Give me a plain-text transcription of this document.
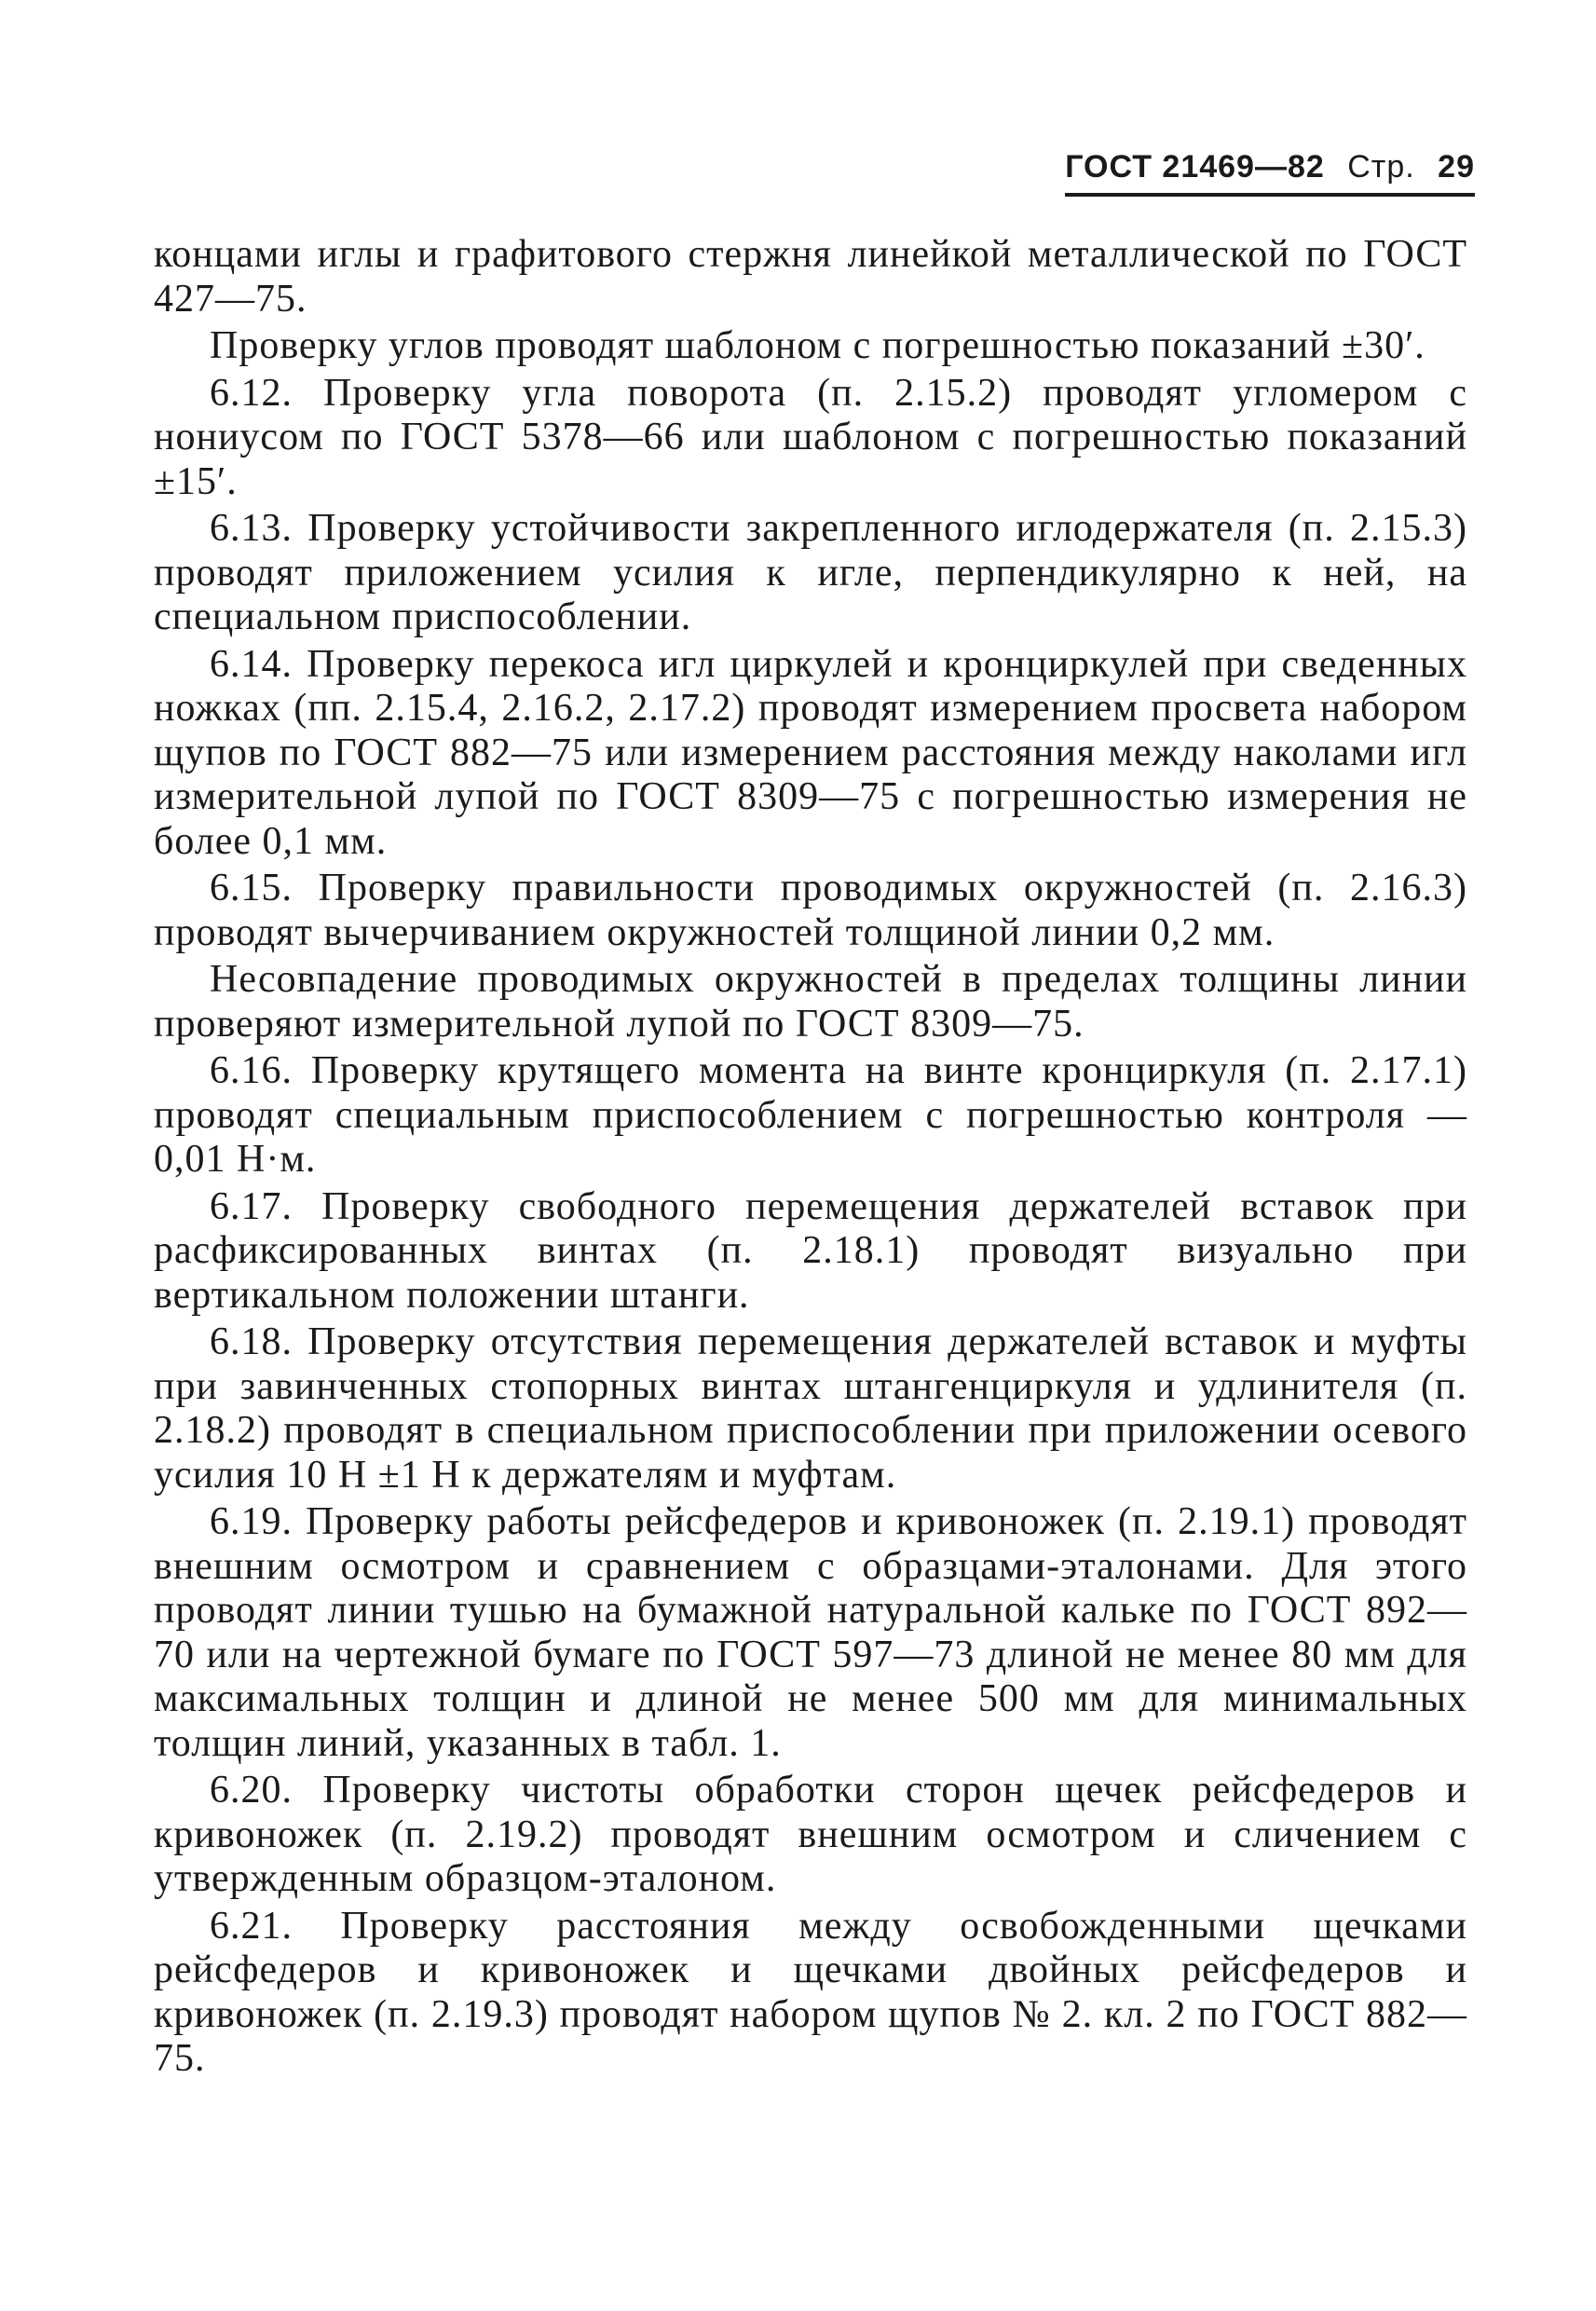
ГОСТ 21469—82 Стр. 29

концами иглы и графитового стержня линейкой металлической по ГОСТ 427—75.

Проверку углов проводят шаблоном с погрешностью показаний ±30′.

6.12. Проверку угла поворота (п. 2.15.2) проводят угломером с нониусом по ГОСТ 5378—66 или шаблоном с погрешностью показаний ±15′.

6.13. Проверку устойчивости закрепленного иглодержателя (п. 2.15.3) проводят приложением усилия к игле, перпендикулярно к ней, на специальном приспособлении.

6.14. Проверку перекоса игл циркулей и кронциркулей при сведенных ножках (пп. 2.15.4, 2.16.2, 2.17.2) проводят измерением просвета набором щупов по ГОСТ 882—75 или измерением расстояния между наколами игл измерительной лупой по ГОСТ 8309—75 с погрешностью измерения не более 0,1 мм.

6.15. Проверку правильности проводимых окружностей (п. 2.16.3) проводят вычерчиванием окружностей толщиной линии 0,2 мм.

Несовпадение проводимых окружностей в пределах толщины линии проверяют измерительной лупой по ГОСТ 8309—75.

6.16. Проверку крутящего момента на винте кронциркуля (п. 2.17.1) проводят специальным приспособлением с погрешностью контроля — 0,01 Н·м.

6.17. Проверку свободного перемещения держателей вставок при расфиксированных винтах (п. 2.18.1) проводят визуально при вертикальном положении штанги.

6.18. Проверку отсутствия перемещения держателей вставок и муфты при завинченных стопорных винтах штангенциркуля и удлинителя (п. 2.18.2) проводят в специальном приспособлении при приложении осевого усилия 10 Н ±1 Н к держателям и муфтам.

6.19. Проверку работы рейсфедеров и кривоножек (п. 2.19.1) проводят внешним осмотром и сравнением с образцами-эталонами. Для этого проводят линии тушью на бумажной натуральной кальке по ГОСТ 892—70 или на чертежной бумаге по ГОСТ 597—73 длиной не менее 80 мм для максимальных толщин и длиной не менее 500 мм для минимальных толщин линий, указанных в табл. 1.

6.20. Проверку чистоты обработки сторон щечек рейсфедеров и кривоножек (п. 2.19.2) проводят внешним осмотром и сличением с утвержденным образцом-эталоном.

6.21. Проверку расстояния между освобожденными щечками рейсфедеров и кривоножек и щечками двойных рейсфедеров и кривоножек (п. 2.19.3) проводят набором щупов № 2. кл. 2 по ГОСТ 882—75.
